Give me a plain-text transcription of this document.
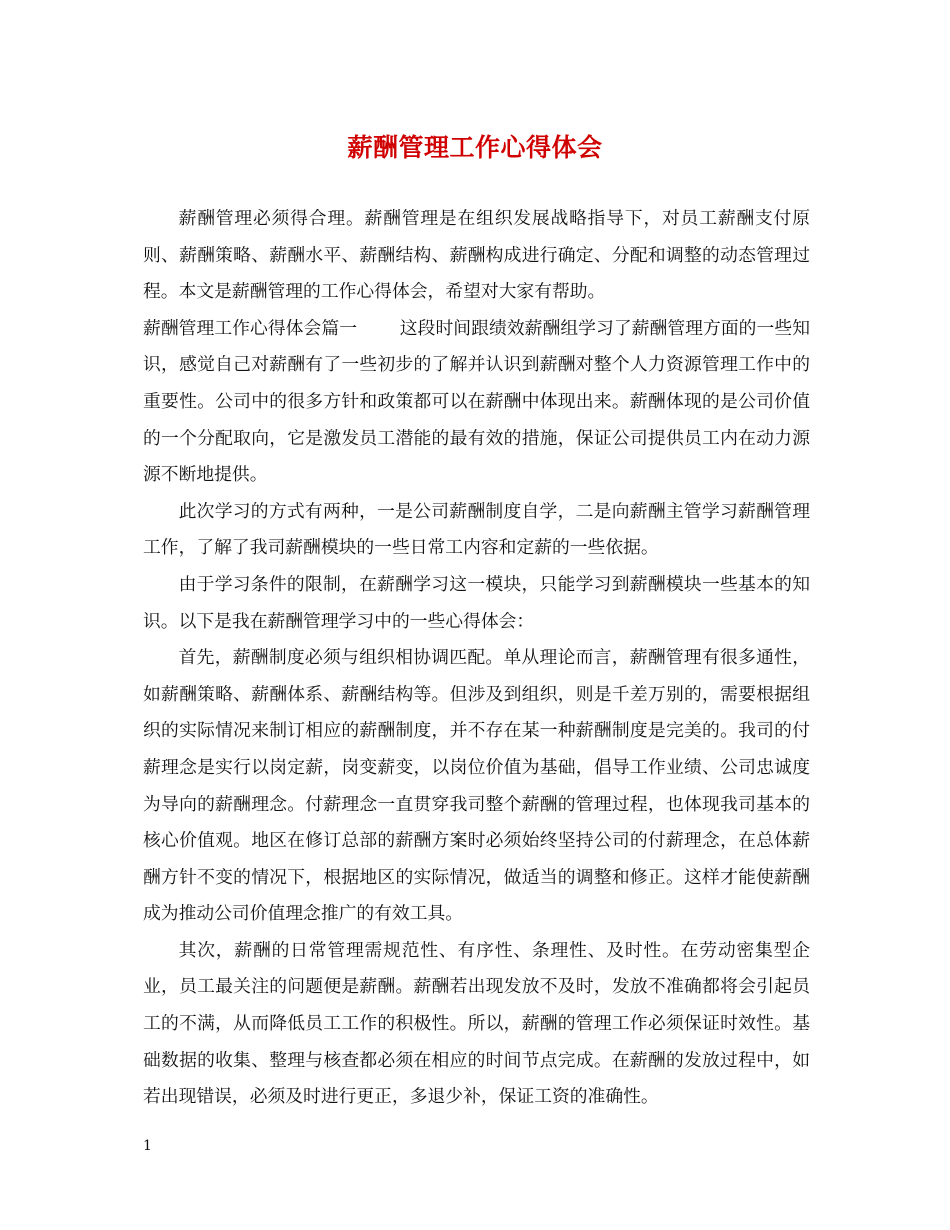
薪酬管理工作心得体会

薪酬管理必须得合理。薪酬管理是在组织发展战略指导下，对员工薪酬支付原则、薪酬策略、薪酬水平、薪酬结构、薪酬构成进行确定、分配和调整的动态管理过程。本文是薪酬管理的工作心得体会，希望对大家有帮助。

薪酬管理工作心得体会篇一 这段时间跟绩效薪酬组学习了薪酬管理方面的一些知识，感觉自己对薪酬有了一些初步的了解并认识到薪酬对整个人力资源管理工作中的重要性。公司中的很多方针和政策都可以在薪酬中体现出来。薪酬体现的是公司价值的一个分配取向，它是激发员工潜能的最有效的措施，保证公司提供员工内在动力源源不断地提供。

此次学习的方式有两种，一是公司薪酬制度自学，二是向薪酬主管学习薪酬管理工作，了解了我司薪酬模块的一些日常工内容和定薪的一些依据。

由于学习条件的限制，在薪酬学习这一模块，只能学习到薪酬模块一些基本的知识。以下是我在薪酬管理学习中的一些心得体会：

首先，薪酬制度必须与组织相协调匹配。单从理论而言，薪酬管理有很多通性，如薪酬策略、薪酬体系、薪酬结构等。但涉及到组织，则是千差万别的，需要根据组织的实际情况来制订相应的薪酬制度，并不存在某一种薪酬制度是完美的。我司的付薪理念是实行以岗定薪，岗变薪变，以岗位价值为基础，倡导工作业绩、公司忠诚度为导向的薪酬理念。付薪理念一直贯穿我司整个薪酬的管理过程，也体现我司基本的核心价值观。地区在修订总部的薪酬方案时必须始终坚持公司的付薪理念，在总体薪酬方针不变的情况下，根据地区的实际情况，做适当的调整和修正。这样才能使薪酬成为推动公司价值理念推广的有效工具。

其次，薪酬的日常管理需规范性、有序性、条理性、及时性。在劳动密集型企业，员工最关注的问题便是薪酬。薪酬若出现发放不及时，发放不准确都将会引起员工的不满，从而降低员工工作的积极性。所以，薪酬的管理工作必须保证时效性。基础数据的收集、整理与核查都必须在相应的时间节点完成。在薪酬的发放过程中，如若出现错误，必须及时进行更正，多退少补，保证工资的准确性。

1
